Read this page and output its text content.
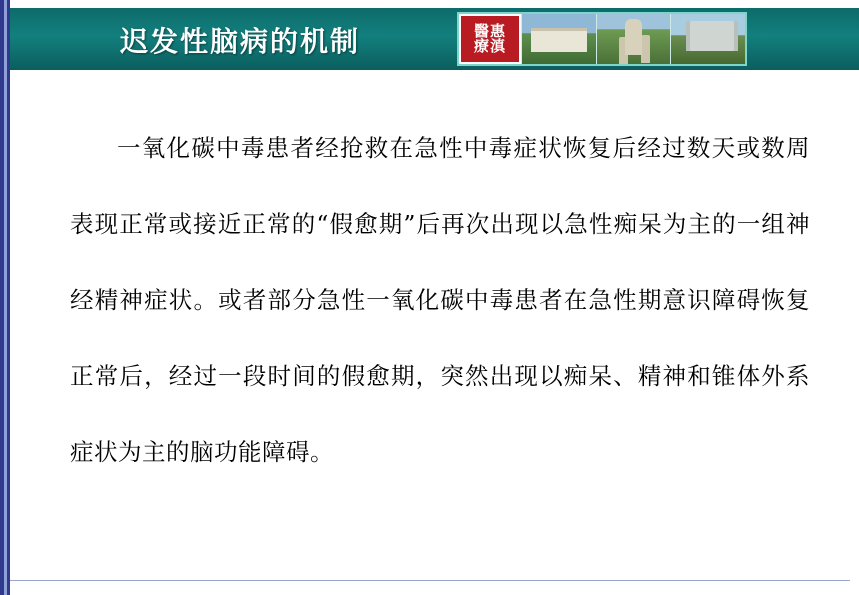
迟发性脑病的机制	醫惠
療滇
一氧化碳中毒患者经抢救在急性中毒症状恢复后经过数天或数周表现正常或接近正常的“假愈期”后再次出现以急性痴呆为主的一组神经精神症状。或者部分急性一氧化碳中毒患者在急性期意识障碍恢复正常后，经过一段时间的假愈期，突然出现以痴呆、精神和锥体外系症状为主的脑功能障碍。
